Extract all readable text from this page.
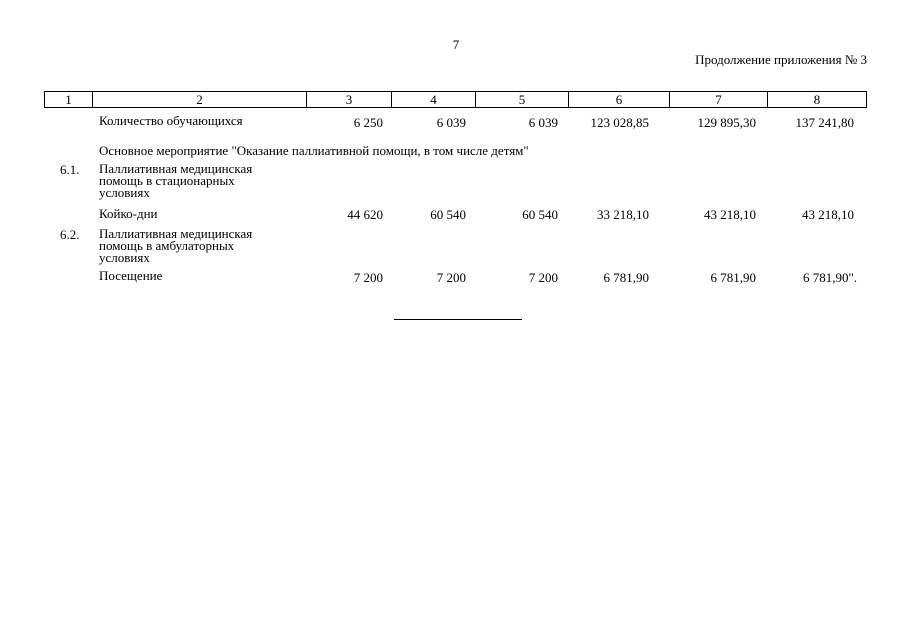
7
Продолжение приложения № 3
1	2	3	4	5	6	7	8
Количество обучающихся	6 250	6 039	6 039	123 028,85	129 895,30	137 241,80
Основное мероприятие "Оказание паллиативной помощи, в том числе детям"
6.1. Паллиативная медицинская помощь в стационарных условиях
Койко-дни	44 620	60 540	60 540	33 218,10	43 218,10	43 218,10
6.2. Паллиативная медицинская помощь в амбулаторных условиях
Посещение	7 200	7 200	7 200	6 781,90	6 781,90	6 781,90".
